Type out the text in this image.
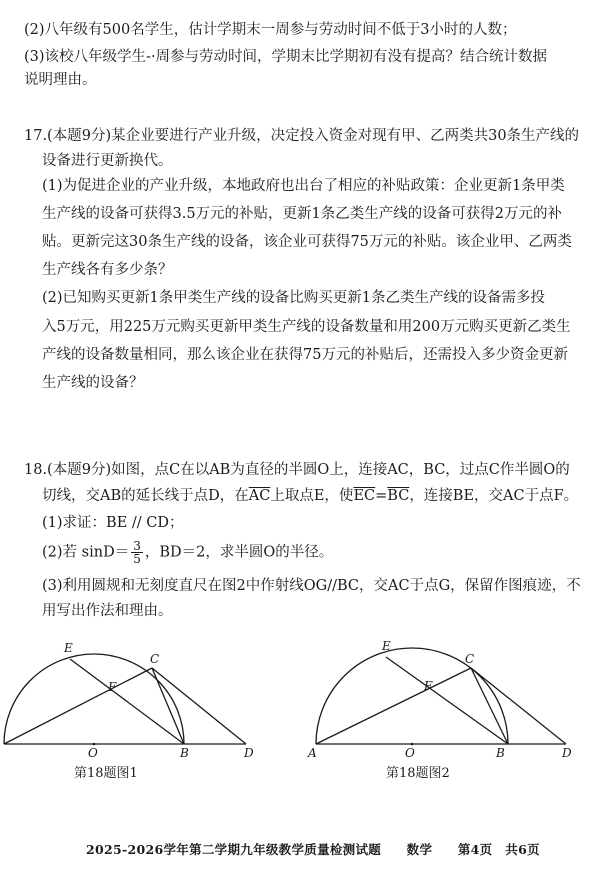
(2)八年级有500名学生，估计学期末一周参与劳动时间不低于3小时的人数；
(3)该校八年级学生-·周参与劳动时间，学期末比学期初有没有提高？结合统计数据
说明理由。
17.(本题9分)某企业要进行产业升级，决定投入资金对现有甲、乙两类共30条生产线的
设备进行更新换代。
(1)为促进企业的产业升级，本地政府也出台了相应的补贴政策：企业更新1条甲类
生产线的设备可获得3.5万元的补贴，更新1条乙类生产线的设备可获得2万元的补
贴。更新完这30条生产线的设备，该企业可获得75万元的补贴。该企业甲、乙两类
生产线各有多少条？
(2)已知购买更新1条甲类生产线的设备比购买更新1条乙类生产线的设备需多投
入5万元，用225万元购买更新甲类生产线的设备数量和用200万元购买更新乙类生
产线的设备数量相同，那么该企业在获得75万元的补贴后，还需投入多少资金更新
生产线的设备？
18.(本题9分)如图，点C在以AB为直径的半圆O上，连接AC，BC，过点C作半圆O的
切线，交AB的延长线于点D，在$\overline{AC}$上取点E，使$\overline{EC}=\overline{BC}$，连接BE，交AC于点F。
(1)求证：BE // CD；
(2)若 $\sin D= \frac{3}{5}$ ，BD＝2，求半圆O的半径。
(3)利用圆规和无刻度直尺在图2中作射线OG//BC，交AC于点G，保留作图痕迹，不
用写出作法和理由。
E
C
F
O	B	D
第18题图1
E
C
F
A	O	B	D
第18题图2
2025-2026学年第二学期九年级教学质量检测试题　　数学　　第4页　共6页
